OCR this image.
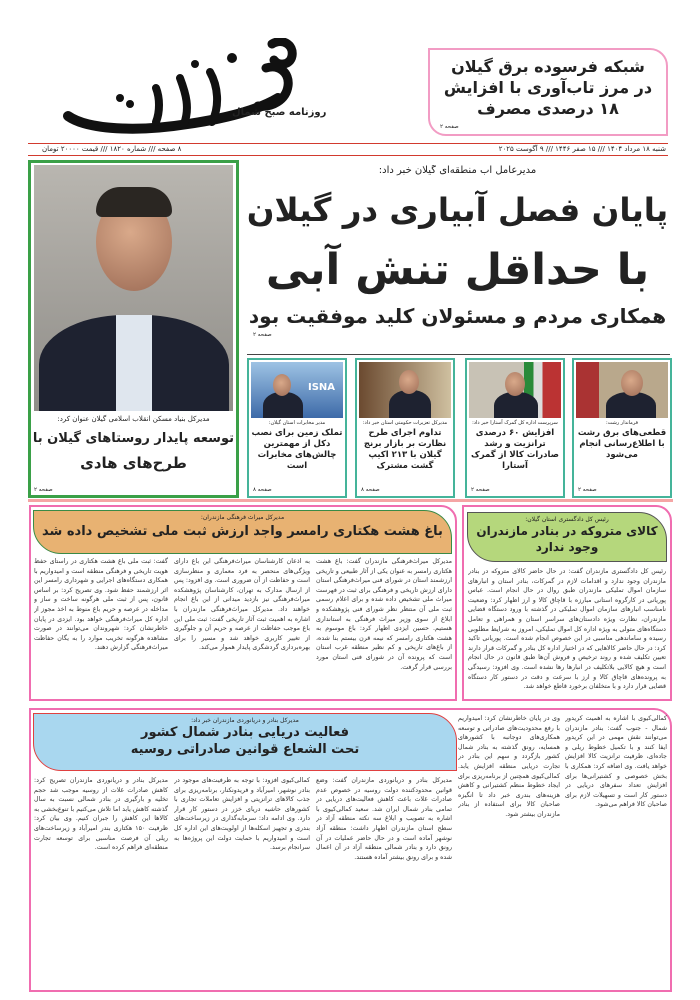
روزنامه صبح شمال
شبکه فرسوده برق گیلان
در مرز تاب‌آوری با افزایش
۱۸ درصدی مصرف
صفحه ۲
شنبه ۱۸ مرداد ۱۴۰۴ /// ۱۵ صفر ۱۴۴۶ /// ۹ آگوست ۲۰۲۵
۸ صفحه /// شماره ۱۸۲۰ /// قیمت ۲۰۰۰۰ تومان
مدیرکل بنیاد مسکن انقلاب اسلامی گیلان عنوان کرد:
توسعه پایدار روستاهای گیلان با
طرح‌های هادی
صفحه ۲
مدیرعامل آب منطقه‌ای گیلان خبر داد:
پایان فصل آبیاری در گیلان
با حداقل تنش آبی
همکاری مردم و مسئولان کلید موفقیت بود
صفحه ۲
فرماندار رشت:
قطعی‌های برق رشت با اطلاع‌رسانی انجام می‌شود
صفحه ۲
سرپرست اداره کل گمرک آستارا خبر داد:
افزایش ۶۰ درصدی ترانزیت و رشد صادرات کالا از گمرک آستارا
صفحه ۲
مدیرکل تعزیرات حکومتی استان خبر داد:
تداوم اجرای طرح نظارت بر بازار برنج گیلان با ۲۱۳ اکیپ گشت مشترک
صفحه ۸
ISNA
مدیر مخابرات استان گیلان:
تملک زمین برای نصب دکل از مهمترین چالش‌های مخابرات است
صفحه ۸
مدیرکل میراث فرهنگی مازندران:
باغ هشت هکتاری رامسر واجد ارزش ثبت ملی تشخیص داده شد
مدیرکل میراث‌فرهنگی مازندران گفت: باغ هشت هکتاری رامسر به عنوان یکی از آثار طبیعی و تاریخی ارزشمند استان در شورای فنی میراث‌فرهنگی استان دارای ارزش تاریخی و فرهنگی برای ثبت در فهرست میراث ملی تشخیص داده شده و برای اعلام رسمی ثبت ملی آن منتظر نظر شورای فنی پژوهشکده و ابلاغ از سوی وزیر میراث فرهنگی به استانداری هستیم. حسین ایزدی اظهار کرد: باغ موسوم به هشت هکتاری رامسر که نیمه قرن بیستم بنا شده، از باغ‌های تاریخی و کم نظیر منطقه غرب استان است که پرونده آن در شورای فنی استان مورد بررسی قرار گرفت.
به اذعان کارشناسان میراث‌فرهنگی این باغ دارای ویژگی‌های منحصر به فرد معماری و منظرسازی است و حفاظت از آن ضروری است. وی افزود: پس از ارسال مدارک به تهران، کارشناسان پژوهشکده میراث‌فرهنگی نیز بازدید میدانی از این باغ انجام خواهند داد. مدیرکل میراث‌فرهنگی مازندران با اشاره به اهمیت ثبت آثار تاریخی گفت: ثبت ملی این باغ موجب حفاظت از عرصه و حریم آن و جلوگیری از تغییر کاربری خواهد شد و مسیر را برای بهره‌برداری گردشگری پایدار هموار می‌کند.
گفت: ثبت ملی باغ هشت هکتاری در راستای حفظ هویت تاریخی و فرهنگی منطقه است و امیدواریم با همکاری دستگاه‌های اجرایی و شهرداری رامسر این اثر ارزشمند حفظ شود. وی تصریح کرد: بر اساس قانون، پس از ثبت ملی هرگونه ساخت و ساز و مداخله در عرصه و حریم باغ منوط به اخذ مجوز از اداره کل میراث‌فرهنگی خواهد بود. ایزدی در پایان خاطرنشان کرد: شهروندان می‌توانند در صورت مشاهده هرگونه تخریب موارد را به یگان حفاظت میراث‌فرهنگی گزارش دهند.
رئیس کل دادگستری استان گیلان:
کالای متروکه در بنادر مازندران
وجود ندارد
رئیس کل دادگستری مازندران گفت: در حال حاضر کالای متروکه در بنادر مازندران وجود ندارد و اقدامات لازم در گمرکات، بنادر استان و انبارهای سازمان اموال تملیکی مازندران طبق روال در حال انجام است. عباس پوریانی در کارگروه استانی مبارزه با قاچاق کالا و ارز اظهار کرد: وضعیت نامناسب انبارهای سازمان اموال تملیکی در گذشته با ورود دستگاه قضایی مازندران، نظارت ویژه دادستان‌های سراسر استان و همراهی و تعامل دستگاه‌های متولی به ویژه اداره کل اموال تملیکی، امروز به شرایط مطلوبی رسیده و ساماندهی مناسبی در این خصوص انجام شده است. پوریانی تاکید کرد: در حال حاضر کالاهایی که در اختیار اداره کل بنادر و گمرکات قرار دارند تعیین تکلیف شده و روند ترخیص و فروش آن‌ها طبق قانون در حال انجام است و هیچ کالایی بلاتکلیف در انبارها رها نشده است. وی افزود: رسیدگی به پرونده‌های قاچاق کالا و ارز با سرعت و دقت در دستور کار دستگاه قضایی قرار دارد و با متخلفان برخورد قاطع خواهد شد.
مدیرکل بنادر و دریانوردی مازندران خبر داد:
فعالیت دریایی بنادر شمال کشور
تحت الشعاع قوانین صادراتی روسیه
کمالی‌کیوی با اشاره به اهمیت کریدور شمال - جنوب گفت: بنادر مازندران می‌توانند نقش مهمی در این کریدور ایفا کنند و با تکمیل خطوط ریلی و جاده‌ای، ظرفیت ترانزیت کالا افزایش خواهد یافت. وی اضافه کرد: همکاری با بخش خصوصی و کشتیرانی‌ها برای افزایش تعداد سفرهای دریایی در دستور کار است و تسهیلات لازم برای صاحبان کالا فراهم می‌شود.
وی در پایان خاطرنشان کرد: امیدواریم با رفع محدودیت‌های صادراتی و توسعه همکاری‌های دوجانبه با کشورهای همسایه، رونق گذشته به بنادر شمال کشور بازگردد و سهم این بنادر در تجارت دریایی منطقه افزایش یابد. کمالی‌کیوی همچنین از برنامه‌ریزی برای ایجاد خطوط منظم کشتیرانی و کاهش هزینه‌های بندری خبر داد تا انگیزه صاحبان کالا برای استفاده از بنادر مازندران بیشتر شود.
مدیرکل بنادر و دریانوردی مازندران گفت: وضع قوانین محدودکننده دولت روسیه در خصوص عدم صادرات غلات باعث کاهش فعالیت‌های دریایی در تمامی بنادر شمال ایران شد. سعید کمالی‌کیوی با اشاره به تصویب و ابلاغ سه نکته منطقه آزاد در سطح استان مازندران اظهار داشت: منطقه آزاد نوشهر آماده است و در حال حاضر عملیات در آن رونق دارد و بنادر شمالی منطقه آزاد در آن اعمال شده و برای رونق بیشتر آماده هستند.
کمالی‌کیوی افزود: با توجه به ظرفیت‌های موجود در بنادر نوشهر، امیرآباد و فریدونکنار، برنامه‌ریزی برای جذب کالاهای ترانزیتی و افزایش تعاملات تجاری با کشورهای حاشیه دریای خزر در دستور کار قرار دارد. وی ادامه داد: سرمایه‌گذاری در زیرساخت‌های بندری و تجهیز اسکله‌ها از اولویت‌های این اداره کل است و امیدواریم با حمایت دولت این پروژه‌ها به سرانجام برسد.
مدیرکل بنادر و دریانوردی مازندران تصریح کرد: کاهش صادرات غلات از روسیه موجب شد حجم تخلیه و بارگیری در بنادر شمالی نسبت به سال گذشته کاهش یابد اما تلاش می‌کنیم با تنوع‌بخشی به کالاها این کاهش را جبران کنیم. وی بیان کرد: ظرفیت ۱۵۰ هکتاری بندر امیرآباد و زیرساخت‌های ریلی آن فرصت مناسبی برای توسعه تجارت منطقه‌ای فراهم کرده است.
